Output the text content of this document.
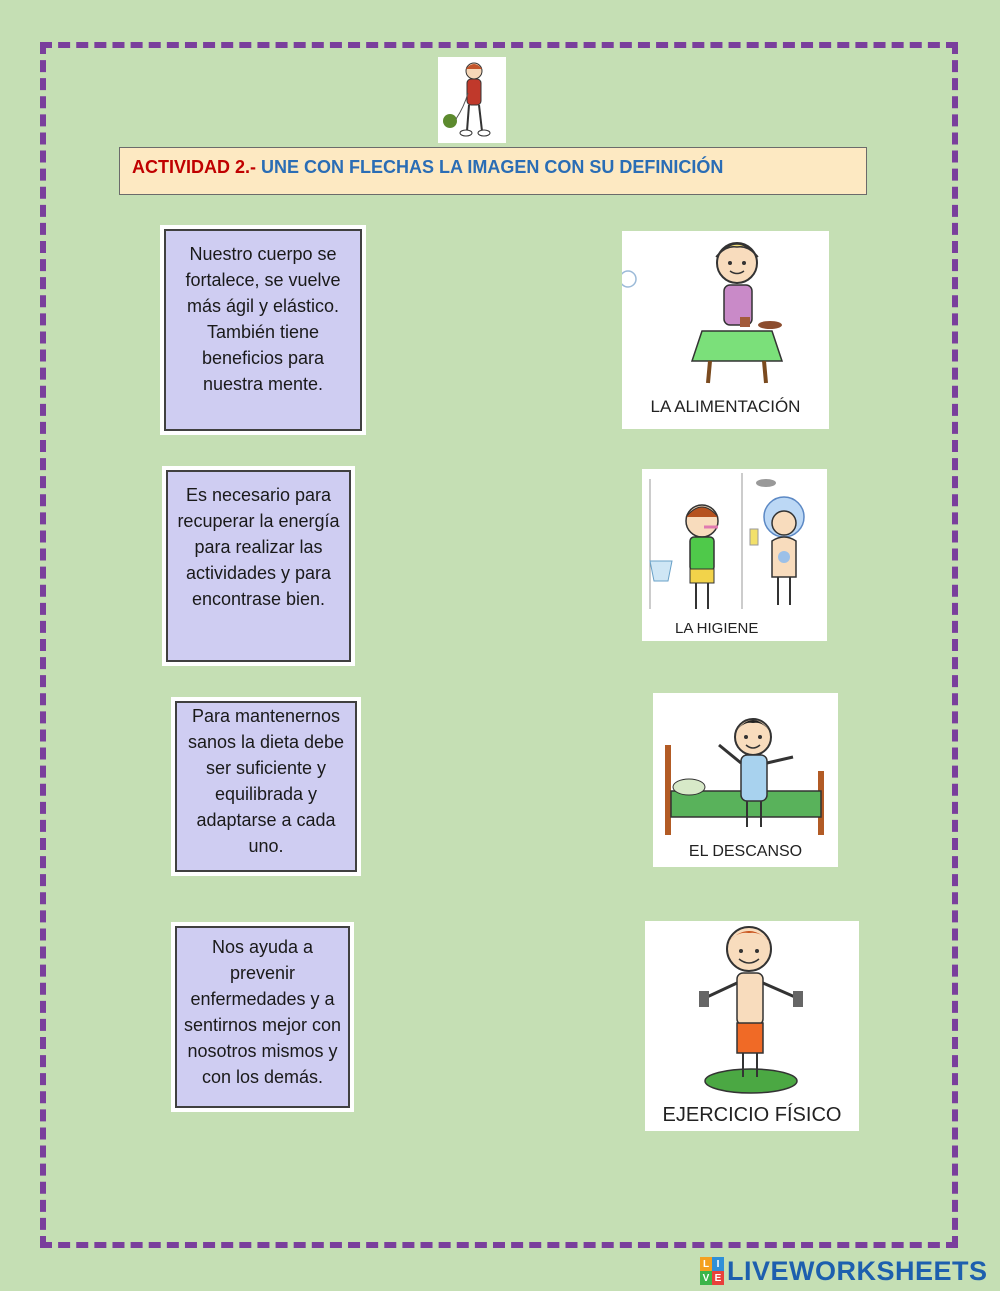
ACTIVIDAD 2.- UNE CON FLECHAS LA IMAGEN CON SU DEFINICIÓN
Nuestro cuerpo se fortalece, se vuelve más ágil y elástico. También tiene beneficios para nuestra mente.
Es necesario para recuperar la energía para realizar las actividades y para encontrase bien.
Para mantenernos sanos la dieta debe ser suficiente y equilibrada y adaptarse a cada uno.
Nos ayuda a prevenir enfermedades y a sentirnos mejor con nosotros mismos y con los demás.
LA ALIMENTACIÓN
LA HIGIENE
EL DESCANSO
EJERCICIO FÍSICO
L I
V E LIVEWORKSHEETS
